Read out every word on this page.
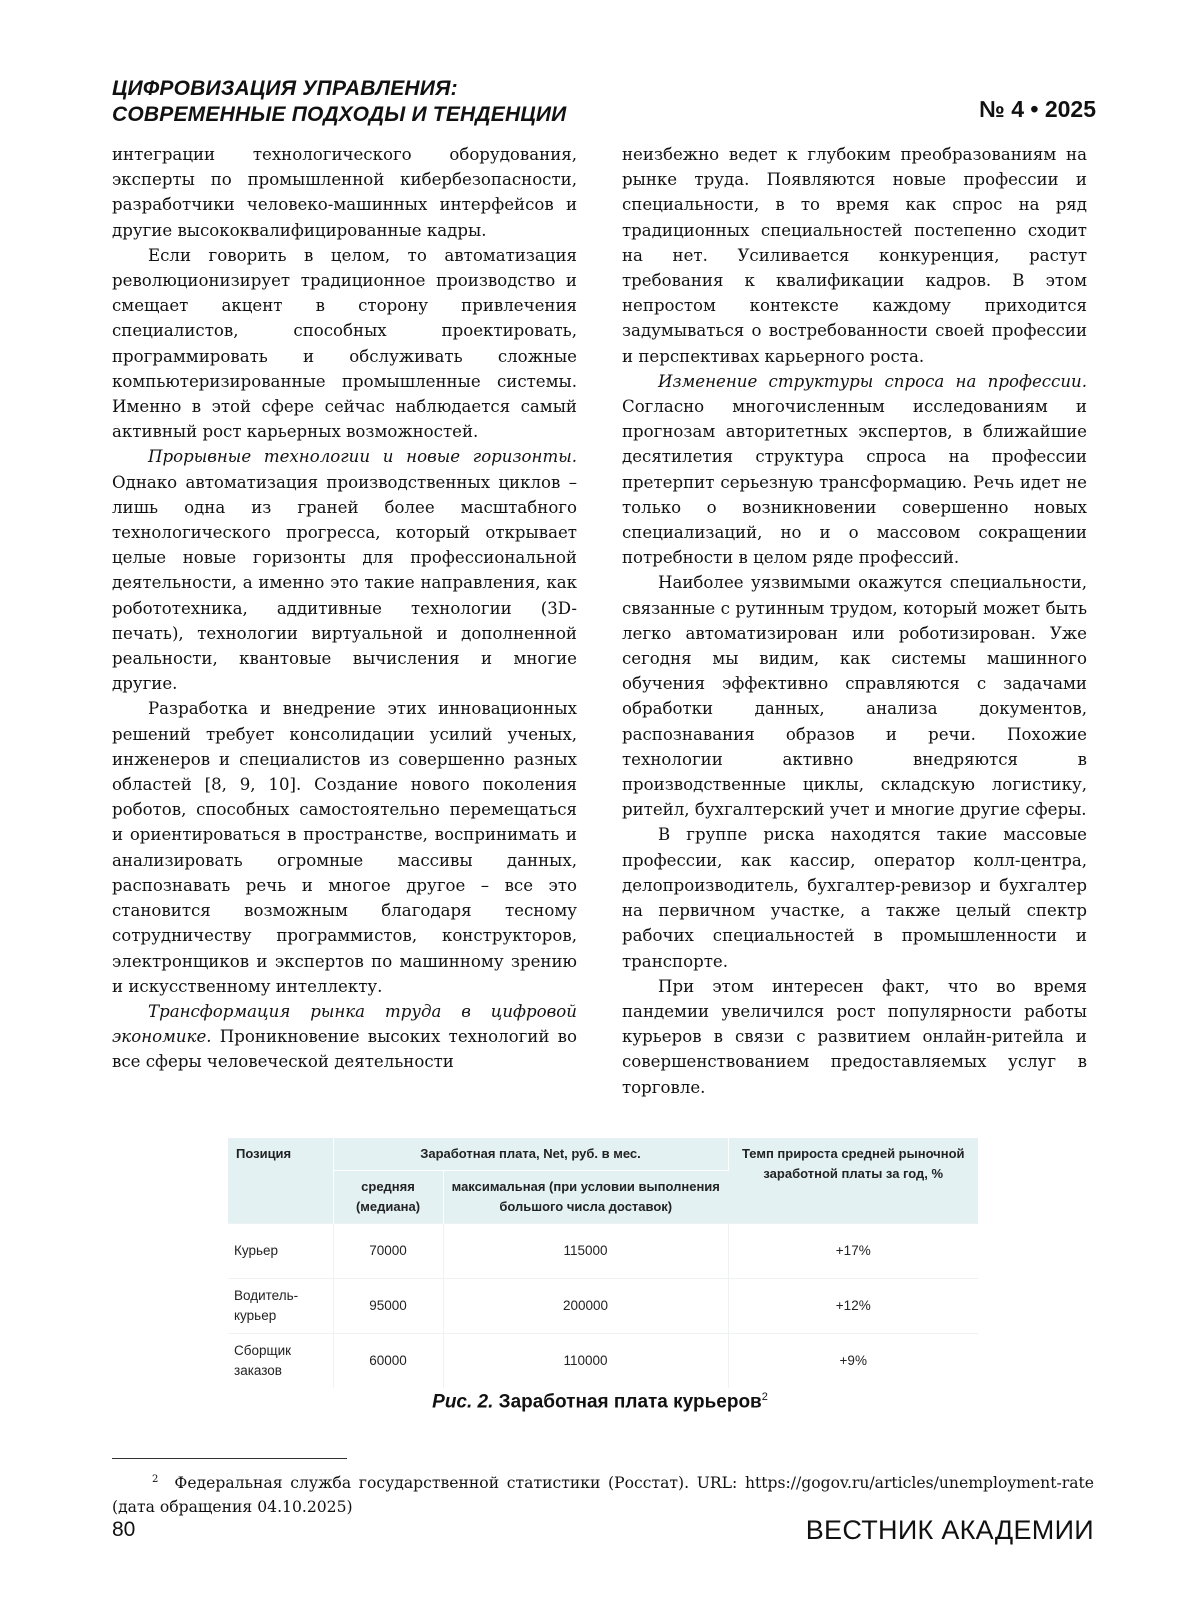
ЦИФРОВИЗАЦИЯ УПРАВЛЕНИЯ:
СОВРЕМЕННЫЕ ПОДХОДЫ И ТЕНДЕНЦИИ	№ 4 • 2025

интеграции технологического оборудования, эксперты по промышленной кибербезопасности, разработчики человеко-машинных интерфейсов и другие высококвалифицированные кадры.

Если говорить в целом, то автоматизация революционизирует традиционное производство и смещает акцент в сторону привлечения специалистов, способных проектировать, программировать и обслуживать сложные компьютеризированные промышленные системы. Именно в этой сфере сейчас наблюдается самый активный рост карьерных возможностей.

Прорывные технологии и новые горизонты. Однако автоматизация производственных циклов – лишь одна из граней более масштабного технологического прогресса, который открывает целые новые горизонты для профессиональной деятельности, а именно это такие направления, как робототехника, аддитивные технологии (3D-печать), технологии виртуальной и дополненной реальности, квантовые вычисления и многие другие.

Разработка и внедрение этих инновационных решений требует консолидации усилий ученых, инженеров и специалистов из совершенно разных областей [8, 9, 10]. Создание нового поколения роботов, способных самостоятельно перемещаться и ориентироваться в пространстве, воспринимать и анализировать огромные массивы данных, распознавать речь и многое другое – все это становится возможным благодаря тесному сотрудничеству программистов, конструкторов, электронщиков и экспертов по машинному зрению и искусственному интеллекту.

Трансформация рынка труда в цифровой экономике. Проникновение высоких технологий во все сферы человеческой деятельности

неизбежно ведет к глубоким преобразованиям на рынке труда. Появляются новые профессии и специальности, в то время как спрос на ряд традиционных специальностей постепенно сходит на нет. Усиливается конкуренция, растут требования к квалификации кадров. В этом непростом контексте каждому приходится задумываться о востребованности своей профессии и перспективах карьерного роста.

Изменение структуры спроса на профессии. Согласно многочисленным исследованиям и прогнозам авторитетных экспертов, в ближайшие десятилетия структура спроса на профессии претерпит серьезную трансформацию. Речь идет не только о возникновении совершенно новых специализаций, но и о массовом сокращении потребности в целом ряде профессий.

Наиболее уязвимыми окажутся специальности, связанные с рутинным трудом, который может быть легко автоматизирован или роботизирован. Уже сегодня мы видим, как системы машинного обучения эффективно справляются с задачами обработки данных, анализа документов, распознавания образов и речи. Похожие технологии активно внедряются в производственные циклы, складскую логистику, ритейл, бухгалтерский учет и многие другие сферы.

В группе риска находятся такие массовые профессии, как кассир, оператор колл-центра, делопроизводитель, бухгалтер-ревизор и бухгалтер на первичном участке, а также целый спектр рабочих специальностей в промышленности и транспорте.

При этом интересен факт, что во время пандемии увеличился рост популярности работы курьеров в связи с развитием онлайн-ритейла и совершенствованием предоставляемых услуг в торговле.

Позиция	Заработная плата, Net, руб. в мес.		Темп прироста средней рыночной заработной платы за год, %
	средняя (медиана)	максимальная (при условии выполнения большого числа доставок)	
Курьер	70000	115000	+17%
Водитель-курьер	95000	200000	+12%
Сборщик заказов	60000	110000	+9%
Рис. 2. Заработная плата курьеров$^2$
$^2$ Федеральная служба государственной статистики (Росстат). URL: https://gogov.ru/articles/unemployment-rate (дата обращения 04.10.2025)
80	ВЕСТНИК АКАДЕМИИ
